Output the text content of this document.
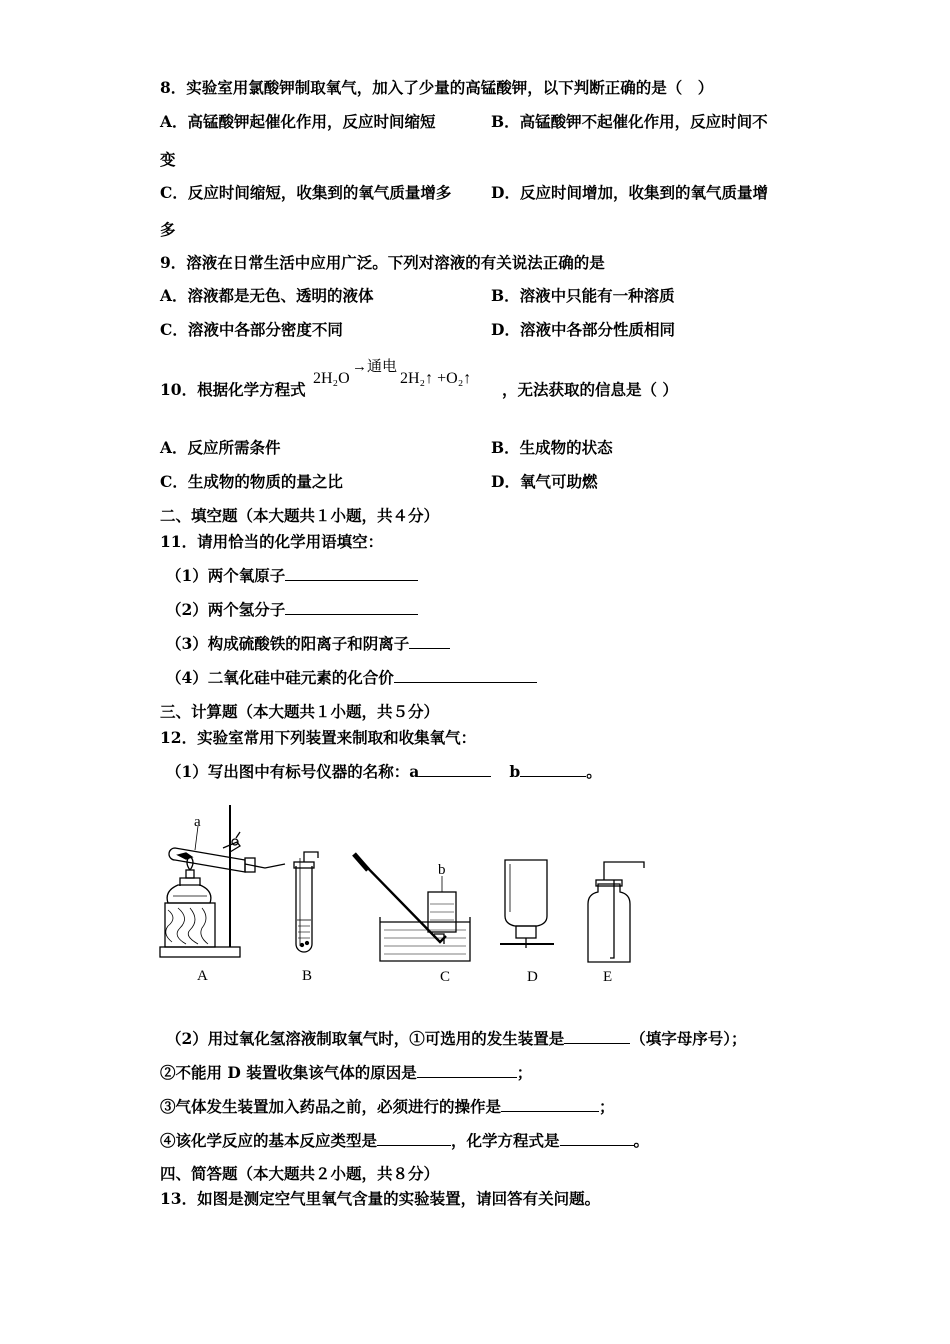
8．实验室用氯酸钾制取氧气，加入了少量的高锰酸钾，以下判断正确的是（　）
A．高锰酸钾起催化作用，反应时间缩短	B．高锰酸钾不起催化作用，反应时间不
变
C．反应时间缩短，收集到的氧气质量增多	D．反应时间增加，收集到的氧气质量增
多
9．溶液在日常生活中应用广泛。下列对溶液的有关说法正确的是
A．溶液都是无色、透明的液体	B．溶液中只能有一种溶质
C．溶液中各部分密度不同	D．溶液中各部分性质相同
10．根据化学方程式
2H₂O
→通电
2H₂↑ +O₂↑
，无法获取的信息是（ ）
A．反应所需条件	B．生成物的状态
C．生成物的物质的量之比	D．氧气可助燃
二、填空题（本大题共１小题，共４分）
11．请用恰当的化学用语填空：
（1）两个氧原子
（2）两个氢分子
（3）构成硫酸铁的阳离子和阴离子
（4）二氧化硅中硅元素的化合价
三、计算题（本大题共１小题，共５分）
12．实验室常用下列装置来制取和收集氧气：
（1）写出图中有标号仪器的名称：a	b	。
a
b
A	B	C	D	E
（2）用过氧化氢溶液制取氧气时，①可选用的发生装置是	（填字母序号）；
②不能用 D 装置收集该气体的原因是	；
③气体发生装置加入药品之前，必须进行的操作是	；
④该化学反应的基本反应类型是	，化学方程式是	。
四、简答题（本大题共２小题，共８分）
13．如图是测定空气里氧气含量的实验装置，请回答有关问题。
